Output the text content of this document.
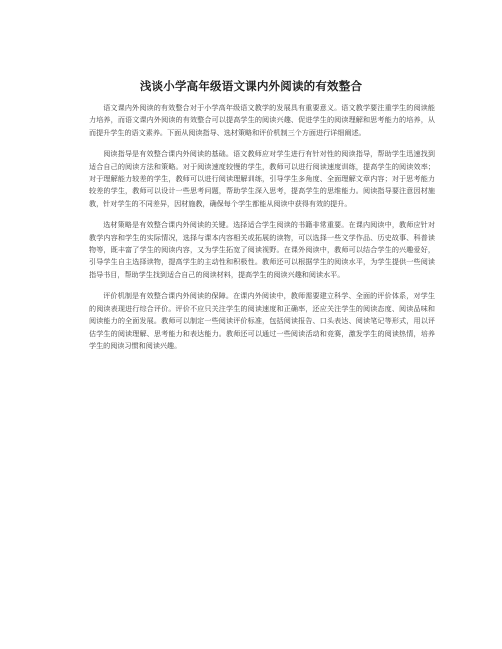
浅谈小学高年级语文课内外阅读的有效整合

语文课内外阅读的有效整合对于小学高年级语文教学的发展具有重要意义。语文教学要注重学生的阅读能力培养，而语文课内外阅读的有效整合可以提高学生的阅读兴趣、促进学生的阅读理解和思考能力的培养，从而提升学生的语文素养。下面从阅读指导、选材策略和评价机制三个方面进行详细阐述。

阅读指导是有效整合课内外阅读的基础。语文教师应对学生进行有针对性的阅读指导，帮助学生迅速找到适合自己的阅读方法和策略。对于阅读速度较慢的学生，教师可以进行阅读速度训练，提高学生的阅读效率；对于理解能力较差的学生，教师可以进行阅读理解训练，引导学生多角度、全面理解文章内容；对于思考能力较差的学生，教师可以设计一些思考问题，帮助学生深入思考，提高学生的思维能力。阅读指导要注意因材施教，针对学生的不同差异，因材施教，确保每个学生都能从阅读中获得有效的提升。

选材策略是有效整合课内外阅读的关键。选择适合学生阅读的书籍非常重要。在课内阅读中，教师应针对教学内容和学生的实际情况，选择与课本内容相关或拓展的读物，可以选择一些文学作品、历史故事、科普读物等，既丰富了学生的阅读内容，又为学生拓宽了阅读视野。在课外阅读中，教师可以结合学生的兴趣爱好，引导学生自主选择读物，提高学生的主动性和积极性。教师还可以根据学生的阅读水平，为学生提供一些阅读指导书目，帮助学生找到适合自己的阅读材料，提高学生的阅读兴趣和阅读水平。

评价机制是有效整合课内外阅读的保障。在课内外阅读中，教师需要建立科学、全面的评价体系，对学生的阅读表现进行综合评价。评价不应只关注学生的阅读速度和正确率，还应关注学生的阅读态度、阅读品味和阅读能力的全面发展。教师可以制定一些阅读评价标准，包括阅读报告、口头表达、阅读笔记等形式，用以评估学生的阅读理解、思考能力和表达能力。教师还可以通过一些阅读活动和竞赛，激发学生的阅读热情，培养学生的阅读习惯和阅读兴趣。
